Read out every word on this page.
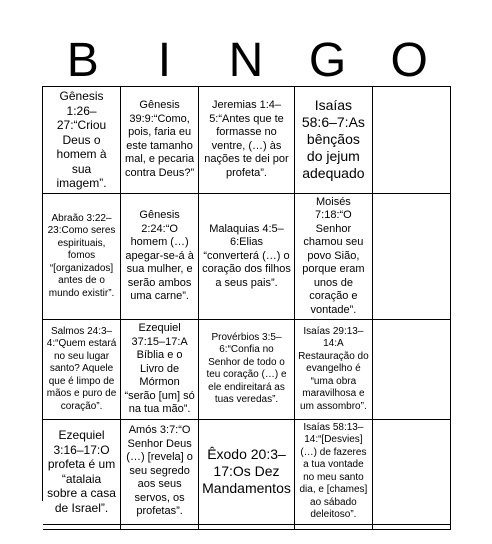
B	I	N G O
Gênesis 1:26–27:“Criou Deus o homem à sua imagem”.
Gênesis 39:9:“Como, pois, faria eu este tamanho mal, e pecaria contra Deus?”
Jeremias 1:4–5:“Antes que te formasse no ventre, (…) às nações te dei por profeta”.
Isaías 58:6–7:As bênçãos do jejum adequado
Abraão 3:22–23:Como seres espirituais, fomos “[organizados] antes de o mundo existir”.
Gênesis 2:24:“O homem (…) apegar-se-á à sua mulher, e serão ambos uma carne”.
Malaquias 4:5–6:Elias “converterá (…) o coração dos filhos a seus pais”.
Moisés 7:18:“O Senhor chamou seu povo Sião, porque eram unos de coração e vontade”.
Salmos 24:3–4:“Quem estará no seu lugar santo? Aquele que é limpo de mãos e puro de coração”.
Ezequiel 37:15–17:A Bíblia e o Livro de Mórmon “serão [um] só na tua mão”.
Provérbios 3:5–6:“Confia no Senhor de todo o teu coração (…) e ele endireitará as tuas veredas”.
Isaías 29:13–14:A Restauração do evangelho é “uma obra maravilhosa e um assombro”.
Ezequiel 3:16–17:O profeta é um “atalaia sobre a casa de Israel”.
Amós 3:7:“O Senhor Deus (…) [revela] o seu segredo aos seus servos, os profetas”.
Êxodo 20:3–17:Os Dez Mandamentos
Isaías 58:13–14:“[Desvies] (…) de fazeres a tua vontade no meu santo dia, e [chames] ao sábado deleitoso”.
